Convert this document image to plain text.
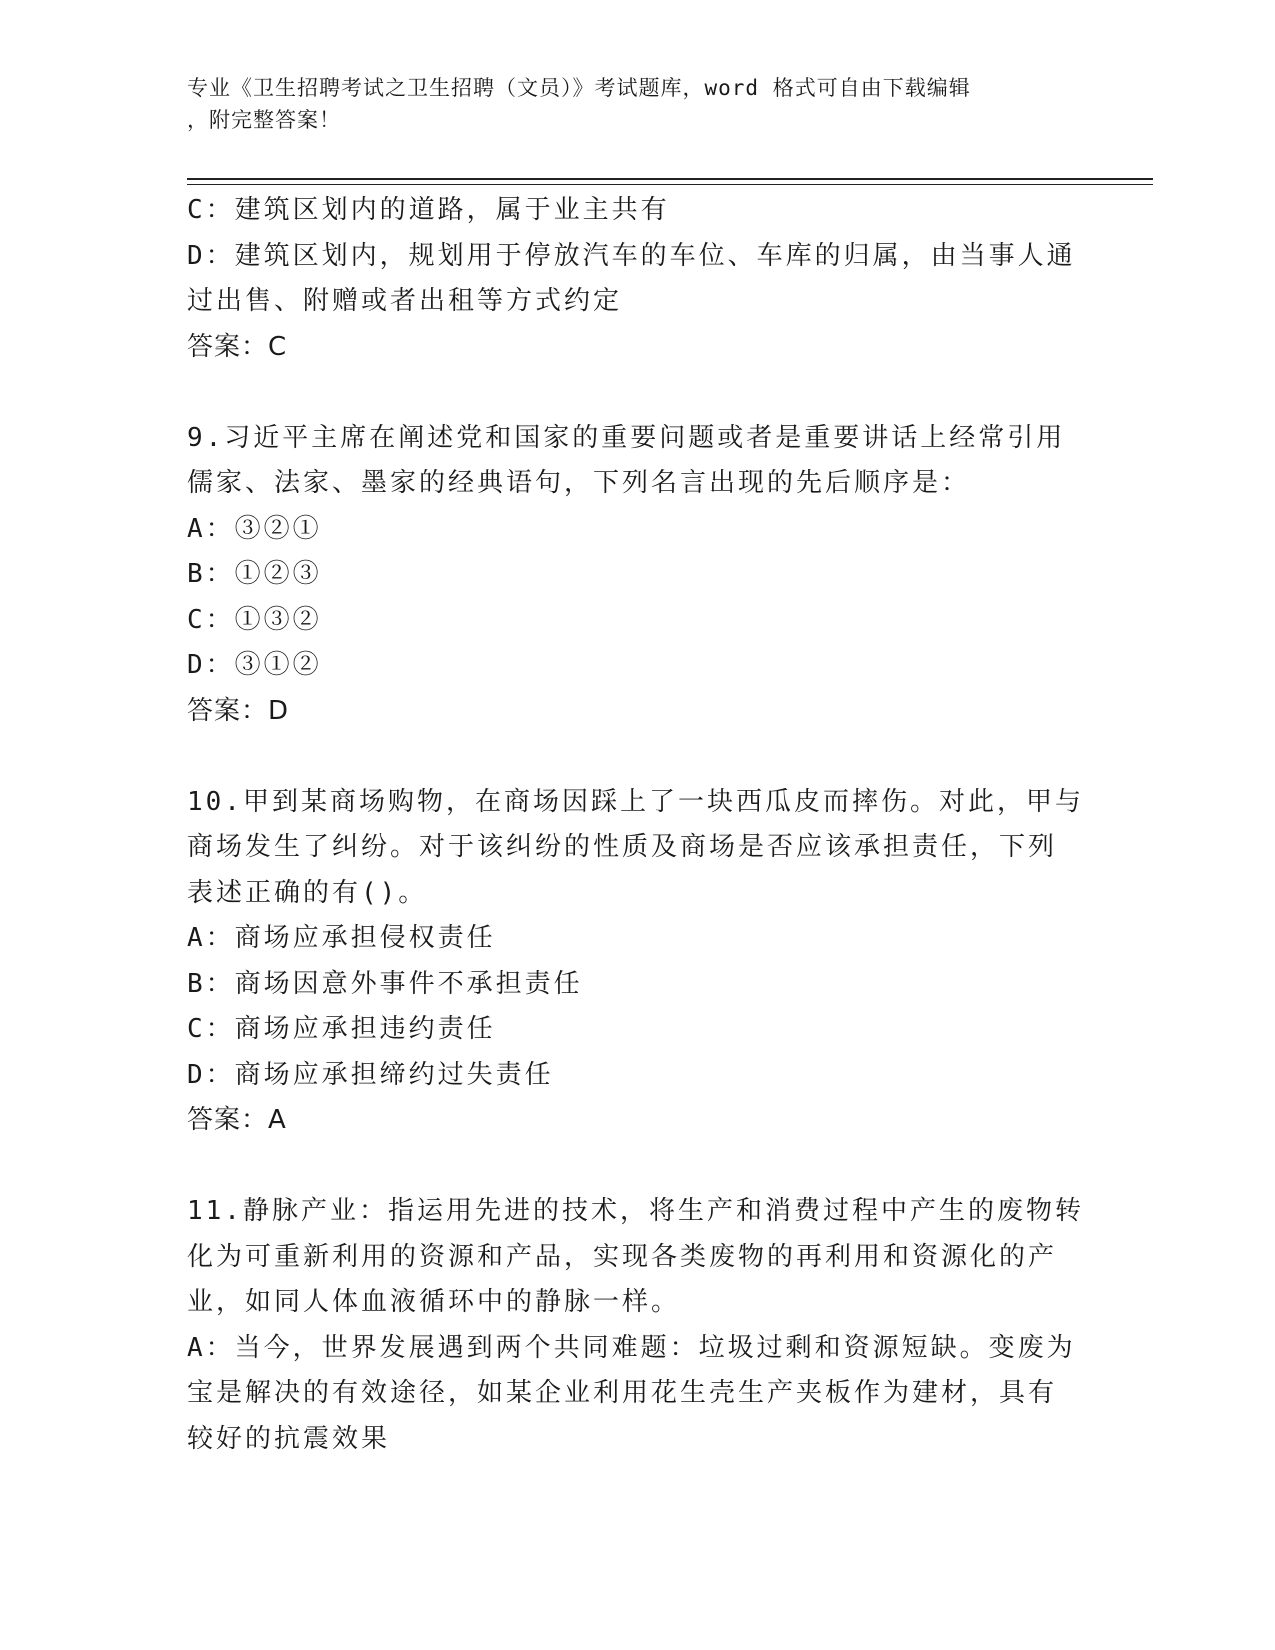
专业《卫生招聘考试之卫生招聘（文员）》考试题库，word 格式可自由下载编辑
，附完整答案！
C：建筑区划内的道路，属于业主共有
D：建筑区划内，规划用于停放汽车的车位、车库的归属，由当事人通
过出售、附赠或者出租等方式约定
答案：C
9.习近平主席在阐述党和国家的重要问题或者是重要讲话上经常引用
儒家、法家、墨家的经典语句，下列名言出现的先后顺序是：
A：③②①
B：①②③
C：①③②
D：③①②
答案：D
10.甲到某商场购物，在商场因踩上了一块西瓜皮而摔伤。对此，甲与
商场发生了纠纷。对于该纠纷的性质及商场是否应该承担责任，下列
表述正确的有()。
A：商场应承担侵权责任
B：商场因意外事件不承担责任
C：商场应承担违约责任
D：商场应承担缔约过失责任
答案：A
11.静脉产业：指运用先进的技术，将生产和消费过程中产生的废物转
化为可重新利用的资源和产品，实现各类废物的再利用和资源化的产
业，如同人体血液循环中的静脉一样。
A：当今，世界发展遇到两个共同难题：垃圾过剩和资源短缺。变废为
宝是解决的有效途径，如某企业利用花生壳生产夹板作为建材，具有
较好的抗震效果
